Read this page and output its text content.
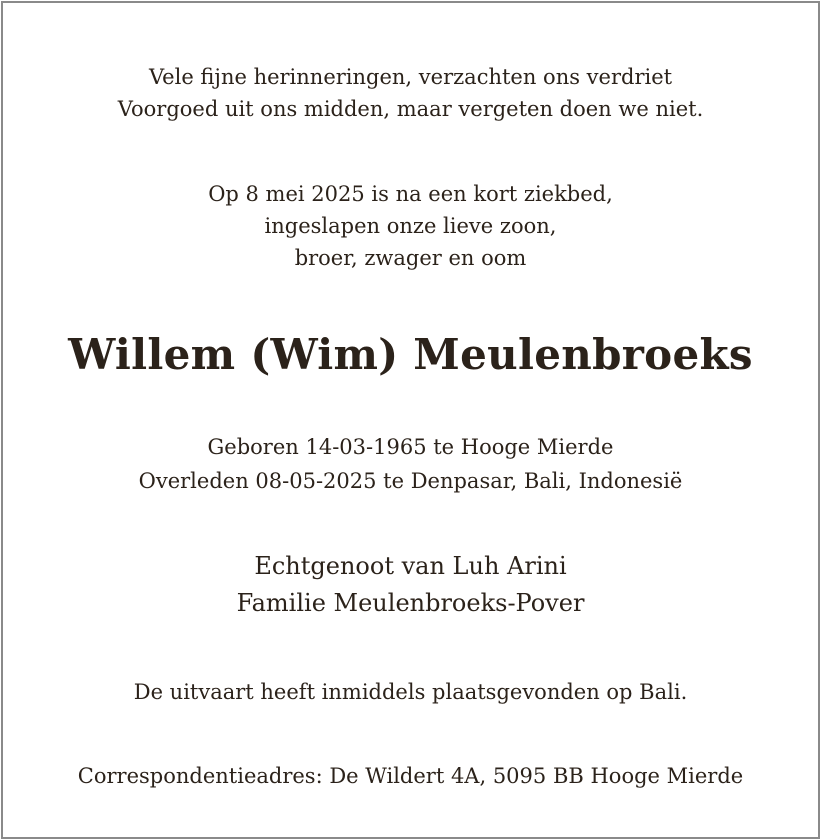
Vele fijne herinneringen, verzachten ons verdriet
Voorgoed uit ons midden, maar vergeten doen we niet.
Op 8 mei 2025 is na een kort ziekbed,
ingeslapen onze lieve zoon,
broer, zwager en oom
Willem (Wim) Meulenbroeks
Geboren 14-03-1965 te Hooge Mierde
Overleden 08-05-2025 te Denpasar, Bali, Indonesië
Echtgenoot van Luh Arini
Familie Meulenbroeks-Pover
De uitvaart heeft inmiddels plaatsgevonden op Bali.
Correspondentieadres: De Wildert 4A, 5095 BB Hooge Mierde
